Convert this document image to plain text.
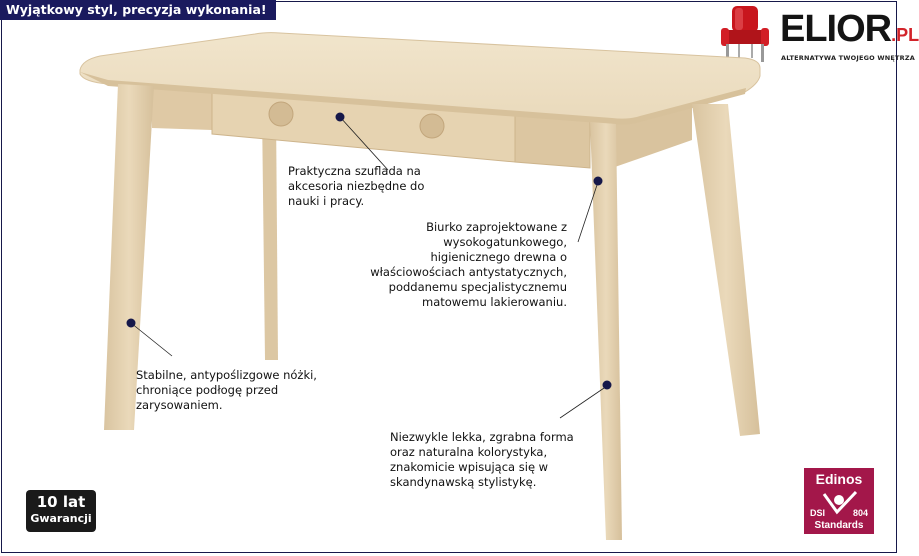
Wyjątkowy styl, precyzja wykonania!	ELIOR.PL
ALTERNATYWA TWOJEGO WNĘTRZA
Praktyczna szuflada na
akcesoria niezbędne do
nauki i pracy.
Biurko zaprojektowane z
wysokogatunkowego,
higienicznego drewna o
właściowościach antystatycznych,
poddanemu specjalistycznemu
matowemu lakierowaniu.
Stabilne, antypoślizgowe nóżki,
chroniące podłogę przed
zarysowaniem.
Niezwykle lekka, zgrabna forma
oraz naturalna kolorystyka,
znakomicie wpisująca się w
skandynawską stylistykę.
10 lat
Gwarancji
Edinos
DSI	804
Standards
